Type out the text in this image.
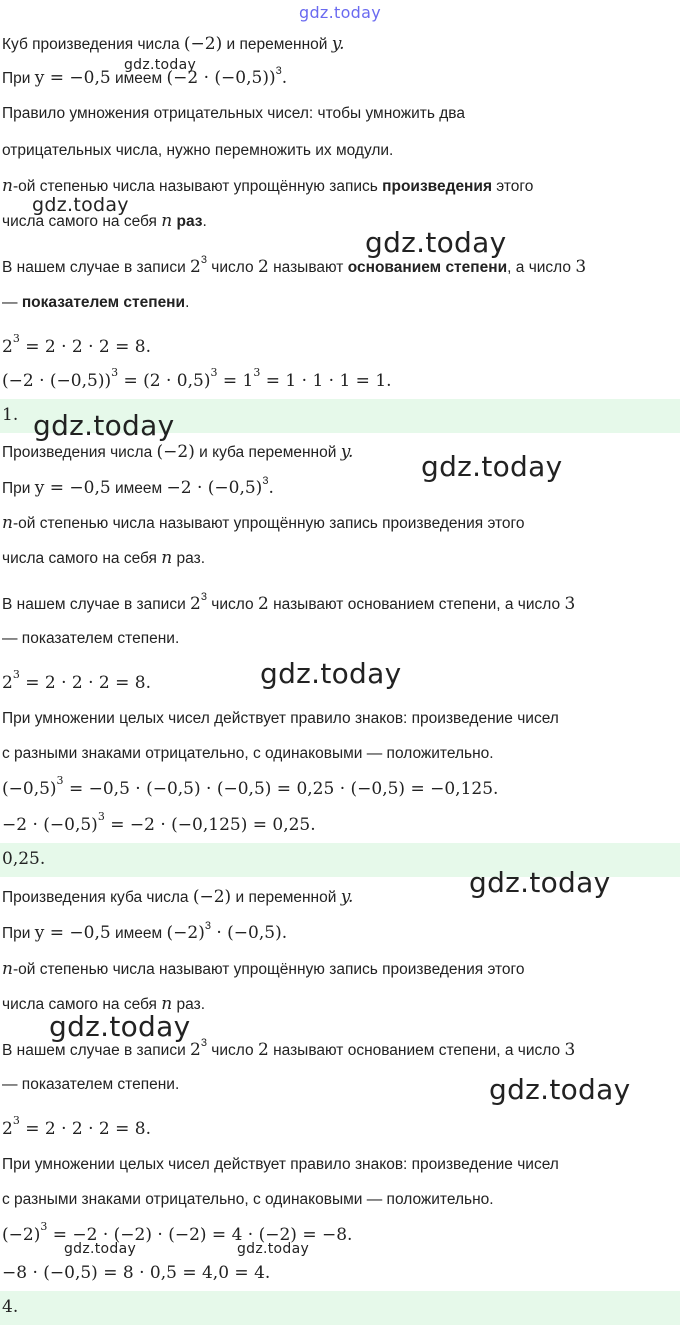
gdz.today
Куб произведения числа (−2) и переменной y.
При y = −0,5 имеем $(-2 \cdot (-0,5))^3$.
Правило умножения отрицательных чисел: чтобы умножить два
отрицательных числа, нужно перемножить их модули.
n-ой степенью числа называют упрощённую запись произведения этого
числа самого на себя n раз.
В нашем случае в записи $2^3$ число 2 называют основанием степени, а число 3
— показателем степени.
$2^3 = 2 \cdot 2 \cdot 2 = 8$.
$(-2 \cdot (-0,5))^3 = (2 \cdot 0,5)^3 = 1^3 = 1 \cdot 1 \cdot 1 = 1$.
1.
Произведения числа (−2) и куба переменной y.
При y = −0,5 имеем $-2 \cdot (-0,5)^3$.
n-ой степенью числа называют упрощённую запись произведения этого
числа самого на себя n раз.
В нашем случае в записи $2^3$ число 2 называют основанием степени, а число 3
— показателем степени.
$2^3 = 2 \cdot 2 \cdot 2 = 8$.
При умножении целых чисел действует правило знаков: произведение чисел
с разными знаками отрицательно, с одинаковыми — положительно.
$(-0,5)^3 = -0,5 \cdot (-0,5) \cdot (-0,5) = 0,25 \cdot (-0,5) = -0,125$.
$-2 \cdot (-0,5)^3 = -2 \cdot (-0,125) = 0,25$.
0,25.
Произведения куба числа (−2) и переменной y.
При y = −0,5 имеем $(-2)^3 \cdot (-0,5)$.
n-ой степенью числа называют упрощённую запись произведения этого
числа самого на себя n раз.
В нашем случае в записи $2^3$ число 2 называют основанием степени, а число 3
— показателем степени.
$2^3 = 2 \cdot 2 \cdot 2 = 8$.
При умножении целых чисел действует правило знаков: произведение чисел
с разными знаками отрицательно, с одинаковыми — положительно.
$(-2)^3 = -2 \cdot (-2) \cdot (-2) = 4 \cdot (-2) = -8$.
−8 · (−0,5) = 8 · 0,5 = 4,0 = 4.
4.
gdz.today
gdz.today
gdz.today
gdz.today
gdz.today
gdz.today
gdz.today
gdz.today
gdz.today
gdz.today	gdz.today
